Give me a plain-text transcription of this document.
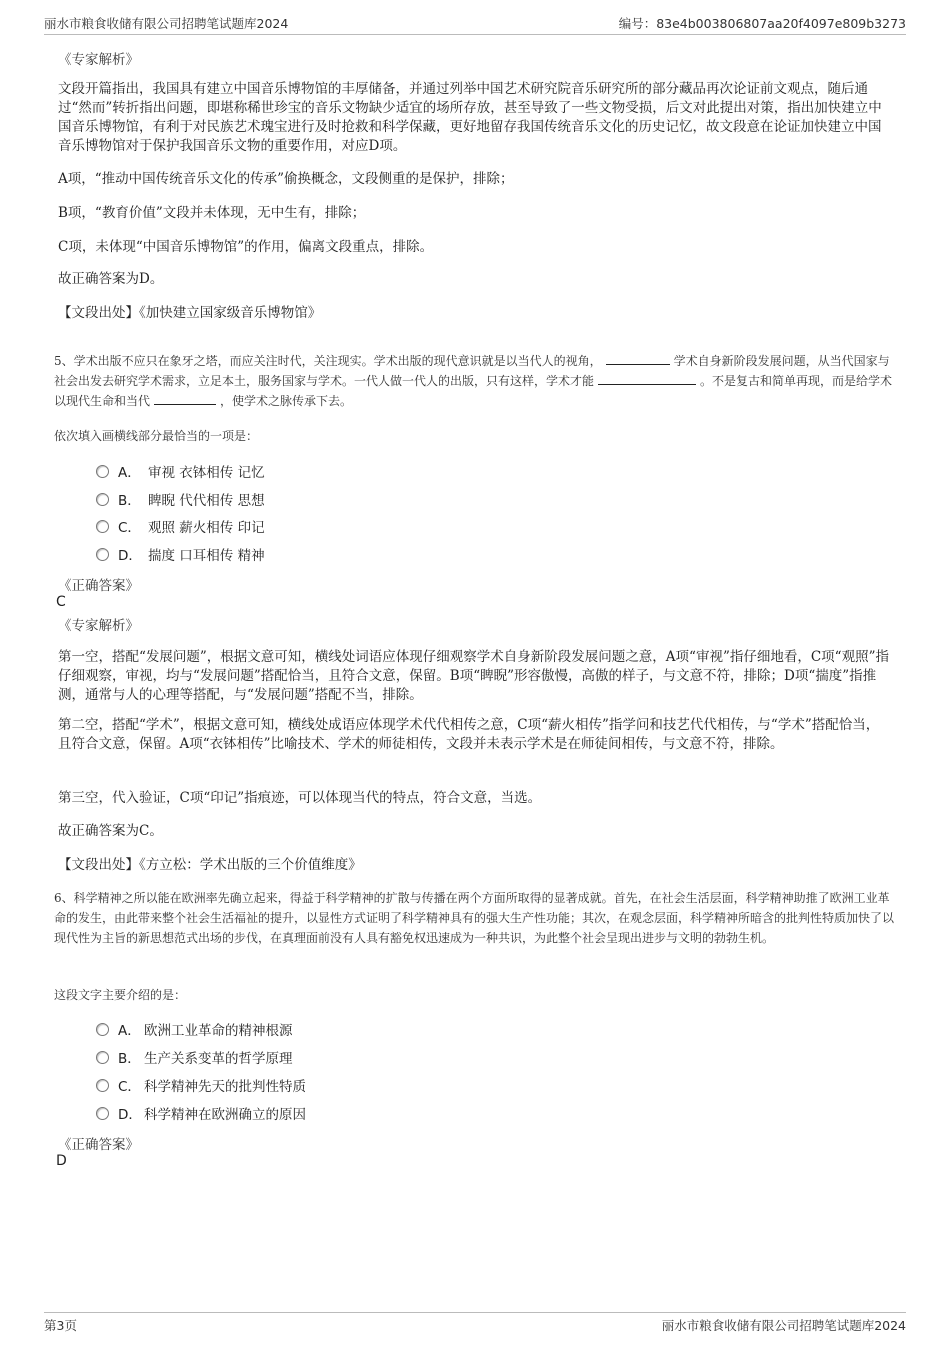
丽水市粮食收储有限公司招聘笔试题库2024	编号：83e4b003806807aa20f4097e809b3273
《专家解析》
文段开篇指出，我国具有建立中国音乐博物馆的丰厚储备，并通过列举中国艺术研究院音乐研究所的部分藏品再次论证前文观点，随后通过“然而”转折指出问题，即堪称稀世珍宝的音乐文物缺少适宜的场所存放，甚至导致了一些文物受损，后文对此提出对策，指出加快建立中国音乐博物馆，有利于对民族艺术瑰宝进行及时抢救和科学保藏，更好地留存我国传统音乐文化的历史记忆，故文段意在论证加快建立中国音乐博物馆对于保护我国音乐文物的重要作用，对应D项。
A项，“推动中国传统音乐文化的传承”偷换概念，文段侧重的是保护，排除；
B项，“教育价值”文段并未体现，无中生有，排除；
C项，未体现“中国音乐博物馆”的作用，偏离文段重点，排除。
故正确答案为D。
【文段出处】《加快建立国家级音乐博物馆》
5、学术出版不应只在象牙之塔，而应关注时代，关注现实。学术出版的现代意识就是以当代人的视角，	学术自身新阶段发展问题，从当代国家与社会出发去研究学术需求，立足本土，服务国家与学术。一代人做一代人的出版，只有这样，学术才能	。不是复古和简单再现，而是给学术以现代生命和当代	，使学术之脉传承下去。
依次填入画横线部分最恰当的一项是：
A． 审视 衣钵相传 记忆
B． 睥睨 代代相传 思想
C． 观照 薪火相传 印记
D． 揣度 口耳相传 精神
《正确答案》
C
《专家解析》
第一空，搭配“发展问题”，根据文意可知，横线处词语应体现仔细观察学术自身新阶段发展问题之意，A项“审视”指仔细地看，C项“观照”指仔细观察，审视，均与“发展问题”搭配恰当，且符合文意，保留。B项“睥睨”形容傲慢，高傲的样子，与文意不符，排除；D项“揣度”指推测，通常与人的心理等搭配，与“发展问题”搭配不当，排除。
第二空，搭配“学术”，根据文意可知，横线处成语应体现学术代代相传之意，C项“薪火相传”指学问和技艺代代相传，与“学术”搭配恰当，且符合文意，保留。A项“衣钵相传”比喻技术、学术的师徒相传，文段并未表示学术是在师徒间相传，与文意不符，排除。
第三空，代入验证，C项“印记”指痕迹，可以体现当代的特点，符合文意，当选。
故正确答案为C。
【文段出处】《方立松：学术出版的三个价值维度》
6、科学精神之所以能在欧洲率先确立起来，得益于科学精神的扩散与传播在两个方面所取得的显著成就。首先，在社会生活层面，科学精神助推了欧洲工业革命的发生，由此带来整个社会生活福祉的提升，以显性方式证明了科学精神具有的强大生产性功能；其次，在观念层面，科学精神所暗含的批判性特质加快了以现代性为主旨的新思想范式出场的步伐，在真理面前没有人具有豁免权迅速成为一种共识，为此整个社会呈现出进步与文明的勃勃生机。
这段文字主要介绍的是：
A． 欧洲工业革命的精神根源
B． 生产关系变革的哲学原理
C． 科学精神先天的批判性特质
D． 科学精神在欧洲确立的原因
《正确答案》
D
第3页	丽水市粮食收储有限公司招聘笔试题库2024
